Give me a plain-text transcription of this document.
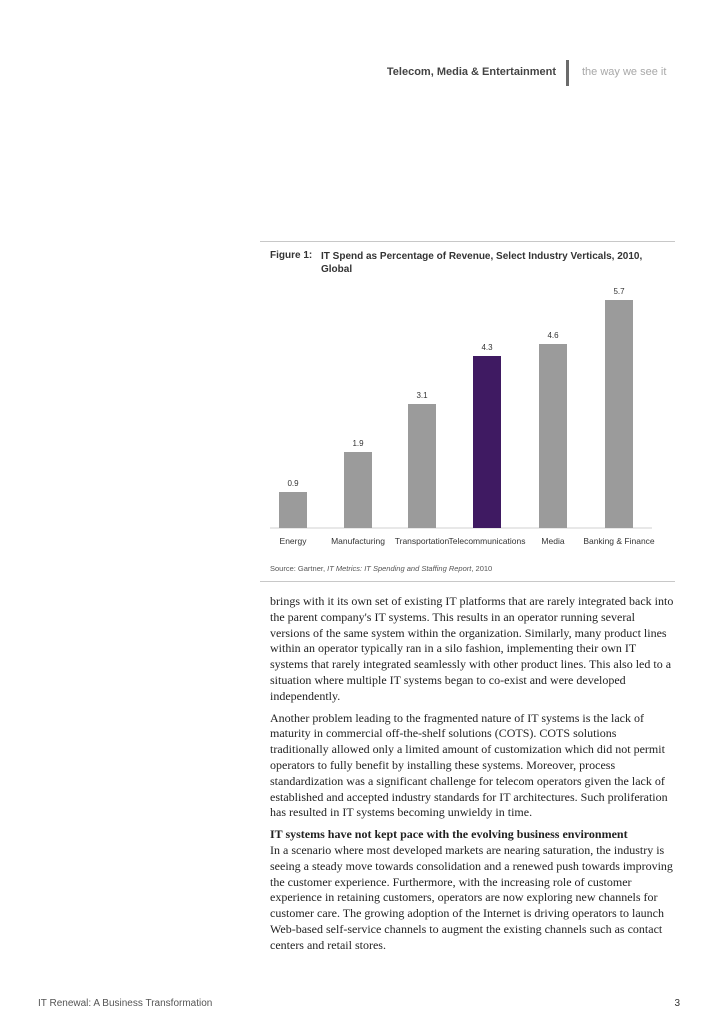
Telecom, Media & Entertainment the way we see it
Figure 1: IT Spend as Percentage of Revenue, Select Industry Verticals, 2010, Global
0.9
Energy
1.9
Manufacturing
3.1
Transportation
4.3
Telecommunications
4.6
Media
5.7
Banking & Finance
Source: Gartner, IT Metrics: IT Spending and Staffing Report, 2010

brings with it its own set of existing IT platforms that are rarely integrated back into the parent company's IT systems. This results in an operator running several versions of the same system within the organization. Similarly, many product lines within an operator typically ran in a silo fashion, implementing their own IT systems that rarely integrated seamlessly with other product lines. This also led to a situation where multiple IT systems began to co-exist and were developed independently.

Another problem leading to the fragmented nature of IT systems is the lack of maturity in commercial off-the-shelf solutions (COTS). COTS solutions traditionally allowed only a limited amount of customization which did not permit operators to fully benefit by installing these systems. Moreover, process standardization was a significant challenge for telecom operators given the lack of established and accepted industry standards for IT architectures. Such proliferation has resulted in IT systems becoming unwieldy in time.

IT systems have not kept pace with the evolving business environment
In a scenario where most developed markets are nearing saturation, the industry is seeing a steady move towards consolidation and a renewed push towards improving the customer experience. Furthermore, with the increasing role of customer experience in retaining customers, operators are now exploring new channels for customer care. The growing adoption of the Internet is driving operators to launch Web-based self-service channels to augment the existing channels such as contact centers and retail stores.

IT Renewal: A Business Transformation	3
